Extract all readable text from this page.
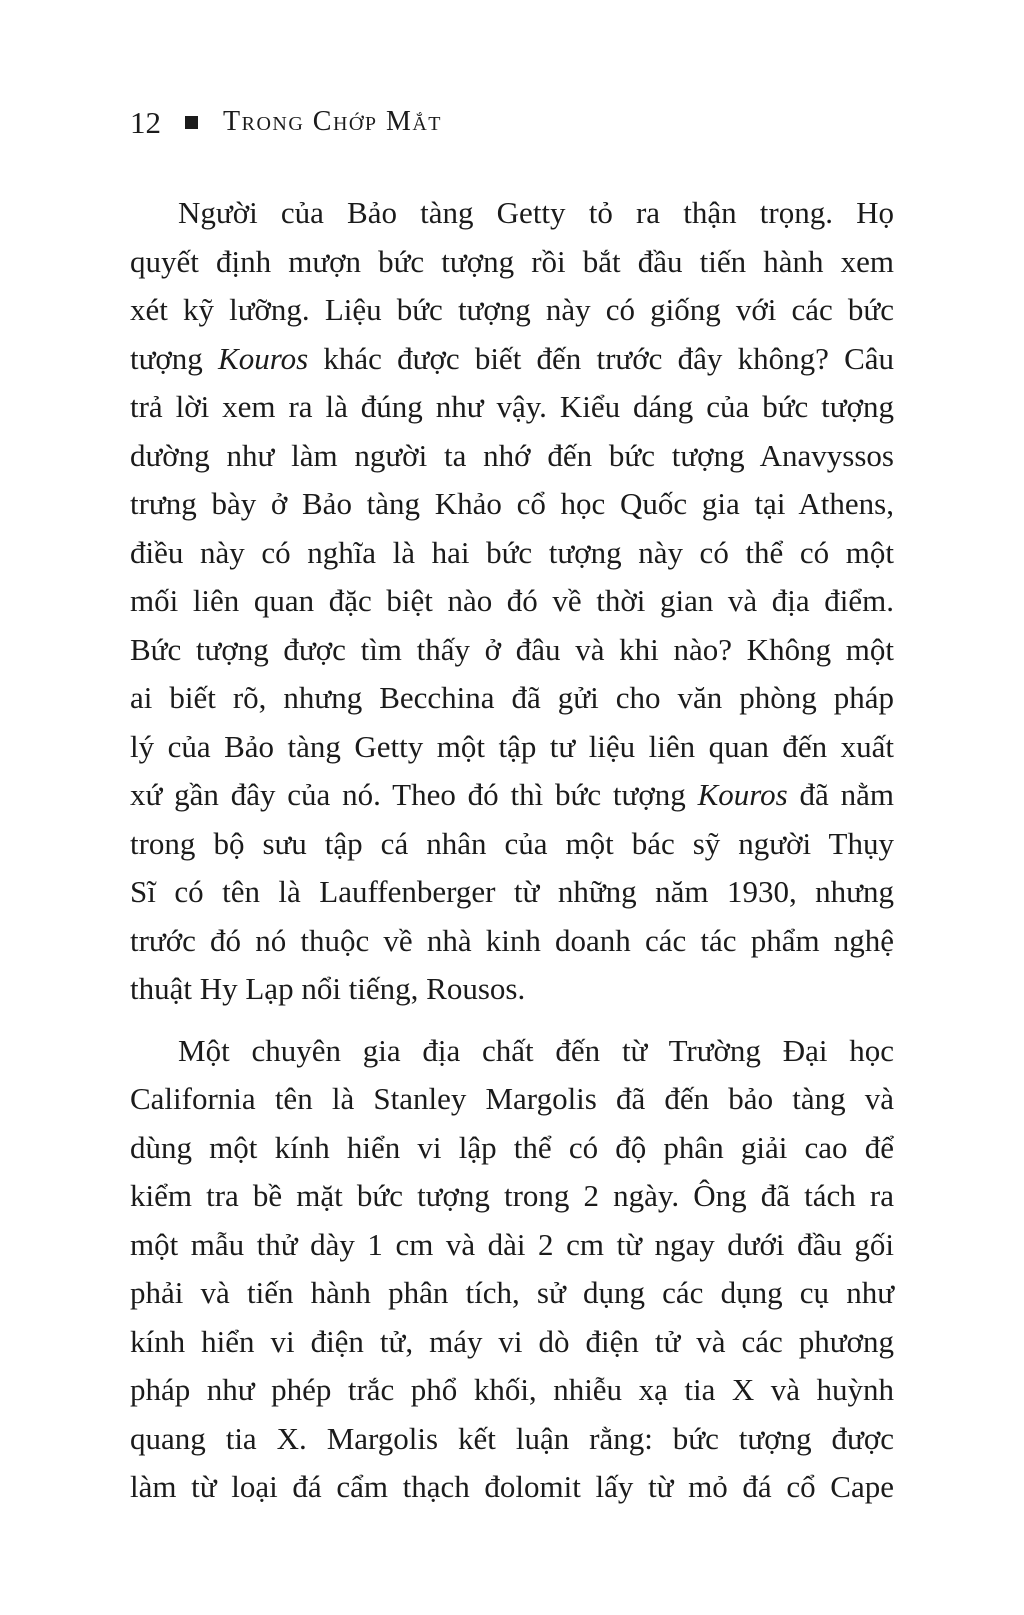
12 Trong Chớp Mắt
Người của Bảo tàng Getty tỏ ra thận trọng. Họ
quyết định mượn bức tượng rồi bắt đầu tiến hành xem
xét kỹ lưỡng. Liệu bức tượng này có giống với các bức
tượng Kouros khác được biết đến trước đây không? Câu
trả lời xem ra là đúng như vậy. Kiểu dáng của bức tượng
dường như làm người ta nhớ đến bức tượng Anavyssos
trưng bày ở Bảo tàng Khảo cổ học Quốc gia tại Athens,
điều này có nghĩa là hai bức tượng này có thể có một
mối liên quan đặc biệt nào đó về thời gian và địa điểm.
Bức tượng được tìm thấy ở đâu và khi nào? Không một
ai biết rõ, nhưng Becchina đã gửi cho văn phòng pháp
lý của Bảo tàng Getty một tập tư liệu liên quan đến xuất
xứ gần đây của nó. Theo đó thì bức tượng Kouros đã nằm
trong bộ sưu tập cá nhân của một bác sỹ người Thụy
Sĩ có tên là Lauffenberger từ những năm 1930, nhưng
trước đó nó thuộc về nhà kinh doanh các tác phẩm nghệ
thuật Hy Lạp nổi tiếng, Rousos.
Một chuyên gia địa chất đến từ Trường Đại học
California tên là Stanley Margolis đã đến bảo tàng và
dùng một kính hiển vi lập thể có độ phân giải cao để
kiểm tra bề mặt bức tượng trong 2 ngày. Ông đã tách ra
một mẫu thử dày 1 cm và dài 2 cm từ ngay dưới đầu gối
phải và tiến hành phân tích, sử dụng các dụng cụ như
kính hiển vi điện tử, máy vi dò điện tử và các phương
pháp như phép trắc phổ khối, nhiễu xạ tia X và huỳnh
quang tia X. Margolis kết luận rằng: bức tượng được
làm từ loại đá cẩm thạch đolomit lấy từ mỏ đá cổ Cape
